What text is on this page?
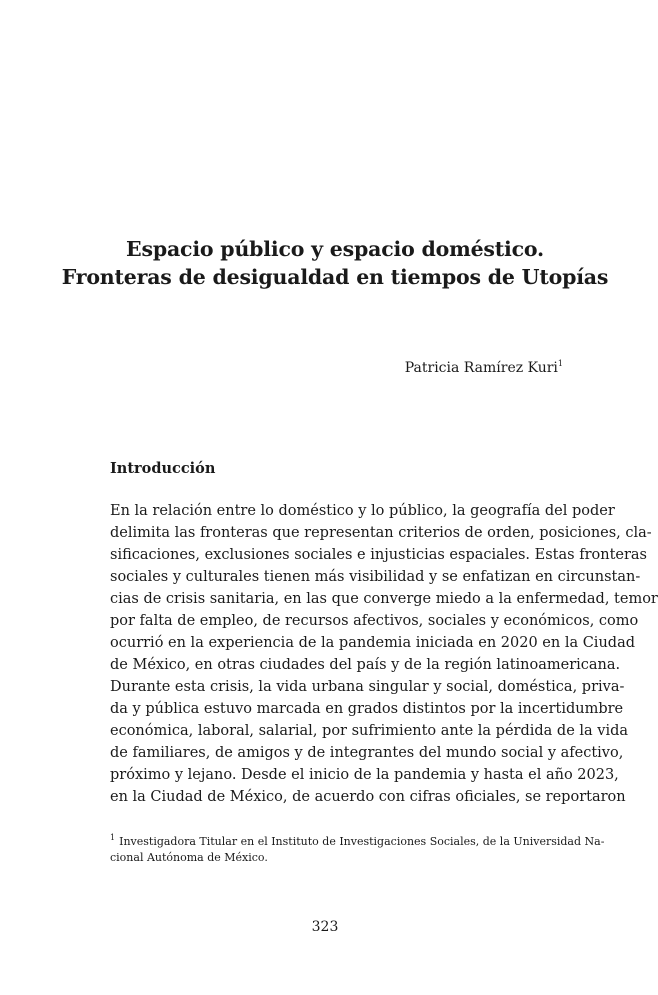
Espacio público y espacio doméstico.
Fronteras de desigualdad en tiempos de Utopías
Patricia Ramírez Kuri$^1$
Introducción

En la relación entre lo doméstico y lo público, la geografía del poder
delimita las fronteras que representan criterios de orden, posiciones, cla-
sificaciones, exclusiones sociales e injusticias espaciales. Estas fronteras
sociales y culturales tienen más visibilidad y se enfatizan en circunstan-
cias de crisis sanitaria, en las que converge miedo a la enfermedad, temor
por falta de empleo, de recursos afectivos, sociales y económicos, como
ocurrió en la experiencia de la pandemia iniciada en 2020 en la Ciudad
de México, en otras ciudades del país y de la región latinoamericana.
Durante esta crisis, la vida urbana singular y social, doméstica, priva-
da y pública estuvo marcada en grados distintos por la incertidumbre
económica, laboral, salarial, por sufrimiento ante la pérdida de la vida
de familiares, de amigos y de integrantes del mundo social y afectivo,
próximo y lejano. Desde el inicio de la pandemia y hasta el año 2023,
en la Ciudad de México, de acuerdo con cifras oficiales, se reportaron

$^1$ Investigadora Titular en el Instituto de Investigaciones Sociales, de la Universidad Na-
cional Autónoma de México.
323
